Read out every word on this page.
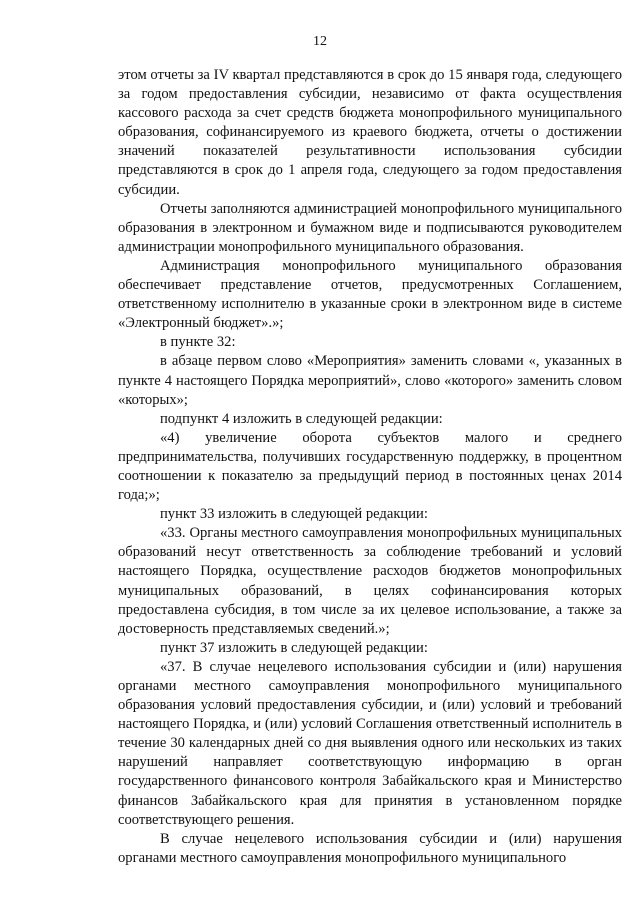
12

этом отчеты за IV квартал представляются в срок до 15 января года, следующего за годом предоставления субсидии, независимо от факта осуществления кассового расхода за счет средств бюджета монопрофильного муниципального образования, софинансируемого из краевого бюджета, отчеты о достижении значений показателей результативности использования субсидии представляются в срок до 1 апреля года, следующего за годом предоставления субсидии.

Отчеты заполняются администрацией монопрофильного муниципального образования в электронном и бумажном виде и подписываются руководителем администрации монопрофильного муниципального образования.

Администрация монопрофильного муниципального образования обеспечивает представление отчетов, предусмотренных Соглашением, ответственному исполнителю в указанные сроки в электронном виде в системе «Электронный бюджет».»;

в пункте 32:

в абзаце первом слово «Мероприятия» заменить словами «, указанных в пункте 4 настоящего Порядка мероприятий», слово «которого» заменить словом «которых»;

подпункт 4 изложить в следующей редакции:

«4) увеличение оборота субъектов малого и среднего предпринимательства, получивших государственную поддержку, в процентном соотношении к показателю за предыдущий период в постоянных ценах 2014 года;»;

пункт 33 изложить в следующей редакции:

«33. Органы местного самоуправления монопрофильных муниципальных образований несут ответственность за соблюдение требований и условий настоящего Порядка, осуществление расходов бюджетов монопрофильных муниципальных образований, в целях софинансирования которых предоставлена субсидия, в том числе за их целевое использование, а также за достоверность представляемых сведений.»;

пункт 37 изложить в следующей редакции:

«37. В случае нецелевого использования субсидии и (или) нарушения органами местного самоуправления монопрофильного муниципального образования условий предоставления субсидии, и (или) условий и требований настоящего Порядка, и (или) условий Соглашения ответственный исполнитель в течение 30 календарных дней со дня выявления одного или нескольких из таких нарушений направляет соответствующую информацию в орган государственного финансового контроля Забайкальского края и Министерство финансов Забайкальского края для принятия в установленном порядке соответствующего решения.

В случае нецелевого использования субсидии и (или) нарушения органами местного самоуправления монопрофильного муниципального
